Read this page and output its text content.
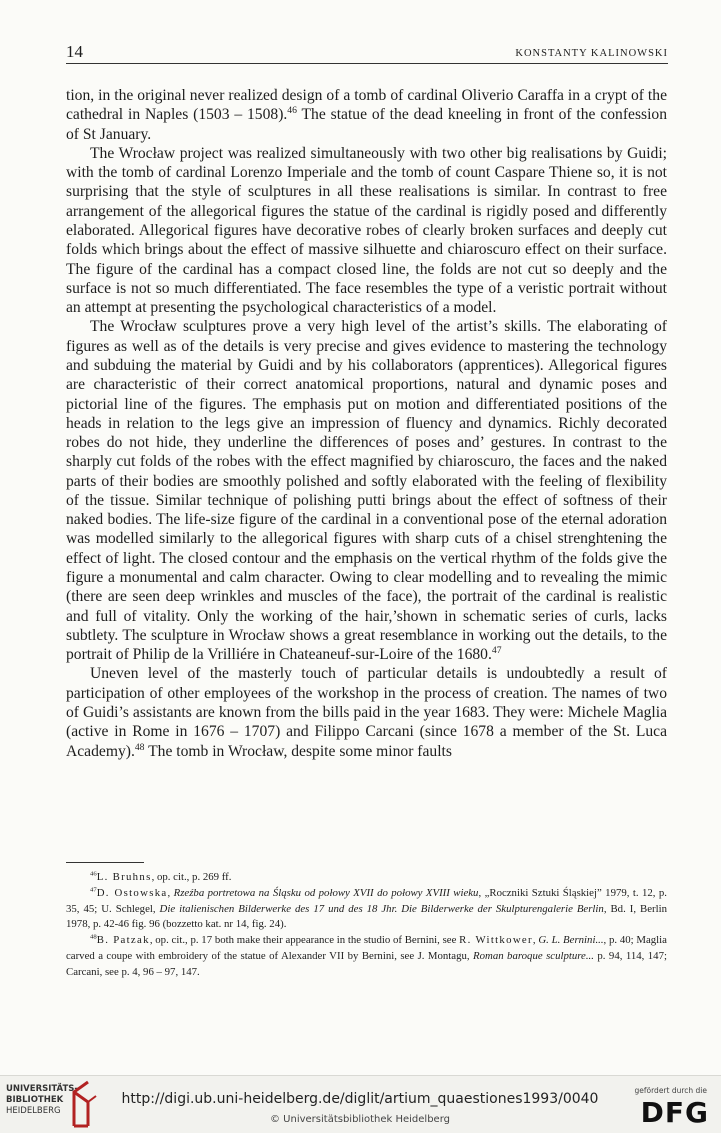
14	KONSTANTY KALINOWSKI

tion, in the original never realized design of a tomb of cardinal Oliverio Caraffa in a crypt of the cathedral in Naples (1503 – 1508).$^{46}$ The statue of the dead kneeling in front of the confession of St January.

The Wrocław project was realized simultaneously with two other big realisations by Guidi; with the tomb of cardinal Lorenzo Imperiale and the tomb of count Caspare Thiene so, it is not surprising that the style of sculptures in all these realisations is similar. In contrast to free arrangement of the allegorical figures the statue of the cardinal is rigidly posed and differently elaborated. Allegorical figures have decorative robes of clearly broken surfaces and deeply cut folds which brings about the effect of massive silhuette and chiaroscuro effect on their surface. The figure of the cardinal has a compact closed line, the folds are not cut so deeply and the surface is not so much differentiated. The face resembles the type of a veristic portrait without an attempt at presenting the psychological characteristics of a model.

The Wrocław sculptures prove a very high level of the artist’s skills. The elaborating of figures as well as of the details is very precise and gives evidence to mastering the technology and subduing the material by Guidi and by his collaborators (apprentices). Allegorical figures are characteristic of their correct anatomical proportions, natural and dynamic poses and pictorial line of the figures. The emphasis put on motion and differentiated positions of the heads in relation to the legs give an impression of fluency and dynamics. Richly decorated robes do not hide, they underline the differences of poses and’ gestures. In contrast to the sharply cut folds of the robes with the effect magnified by chiaroscuro, the faces and the naked parts of their bodies are smoothly polished and softly elaborated with the feeling of flexibility of the tissue. Similar technique of polishing putti brings about the effect of softness of their naked bodies. The life-size figure of the cardinal in a conventional pose of the eternal adoration was modelled similarly to the allegorical figures with sharp cuts of a chisel strenghtening the effect of light. The closed contour and the emphasis on the vertical rhythm of the folds give the figure a monumental and calm character. Owing to clear modelling and to revealing the mimic (there are seen deep wrinkles and muscles of the face), the portrait of the cardinal is realistic and full of vitality. Only the working of the hair,’shown in schematic series of curls, lacks subtlety. The sculpture in Wrocław shows a great resemblance in working out the details, to the portrait of Philip de la Vrilliére in Chateaneuf-sur-Loire of the 1680.47

Uneven level of the masterly touch of particular details is undoubtedly a result of participation of other employees of the workshop in the process of creation. The names of two of Guidi’s assistants are known from the bills paid in the year 1683. They were: Michele Maglia (active in Rome in 1676 – 1707) and Filippo Carcani (since 1678 a member of the St. Luca Academy).$^{48}$ The tomb in Wrocław, despite some minor faults

$^{46}$L. Bruhns, op. cit., p. 269 ff.

$^{47}$D. Ostowska, Rzeźba portretowa na Śląsku od połowy XVII do połowy XVIII wieku, „Roczniki Sztuki Śląskiej” 1979, t. 12, p. 35, 45; U. Schlegel, Die italienischen Bilderwerke des 17 und des 18 Jhr. Die Bilderwerke der Skulpturengalerie Berlin, Bd. I, Berlin 1978, p. 42-46 fig. 96 (bozzetto kat. nr 14, fig. 24).

$^{48}$B. Patzak, op. cit., p. 17 both make their appearance in the studio of Bernini, see R. Wittkower, G. L. Bernini..., p. 40; Maglia carved a coupe with embroidery of the statue of Alexander VII by Bernini, see J. Montagu, Roman baroque sculpture... p. 94, 114, 147; Carcani, see p. 4, 96 – 97, 147.

UNIVERSITÄTS-
BIBLIOTHEK
HEIDELBERG
http://digi.ub.uni-heidelberg.de/diglit/artium_quaestiones1993/0040
© Universitätsbibliothek Heidelberg
gefördert durch die
DFG
